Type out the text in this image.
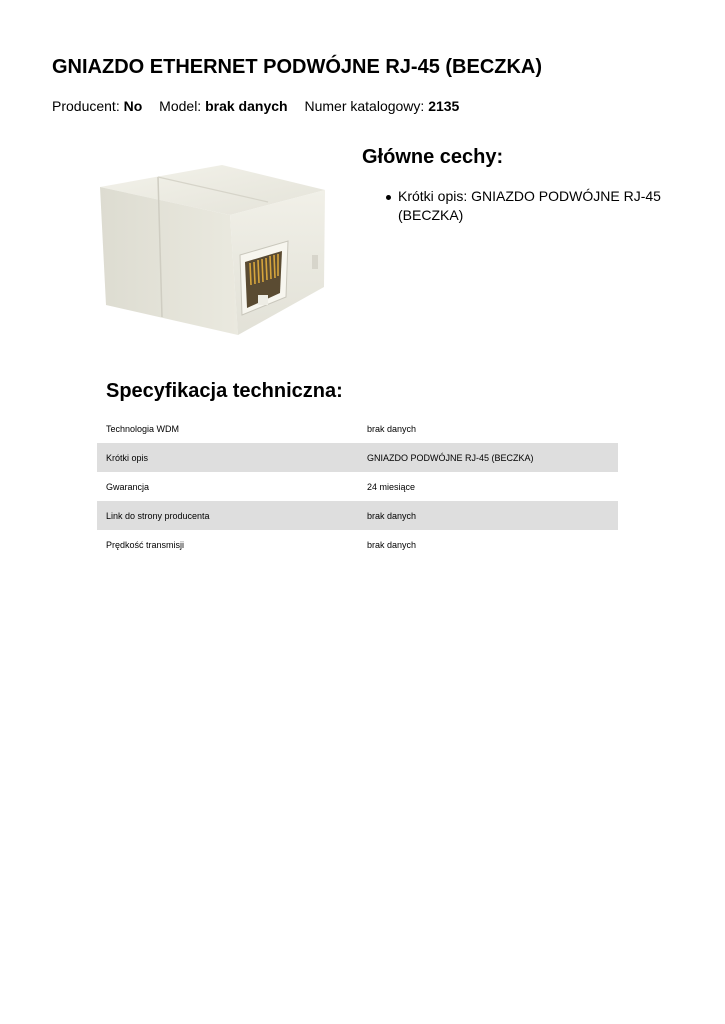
GNIAZDO ETHERNET PODWÓJNE RJ-45 (BECZKA)
Producent: No Model: brak danych Numer katalogowy: 2135
Główne cechy:
Krótki opis: GNIAZDO PODWÓJNE RJ-45 (BECZKA)
Specyfikacja techniczna:
Technologia WDM	brak danych
Krótki opis	GNIAZDO PODWÓJNE RJ-45 (BECZKA)
Gwarancja	24 miesiące
Link do strony producenta	brak danych
Prędkość transmisji	brak danych
